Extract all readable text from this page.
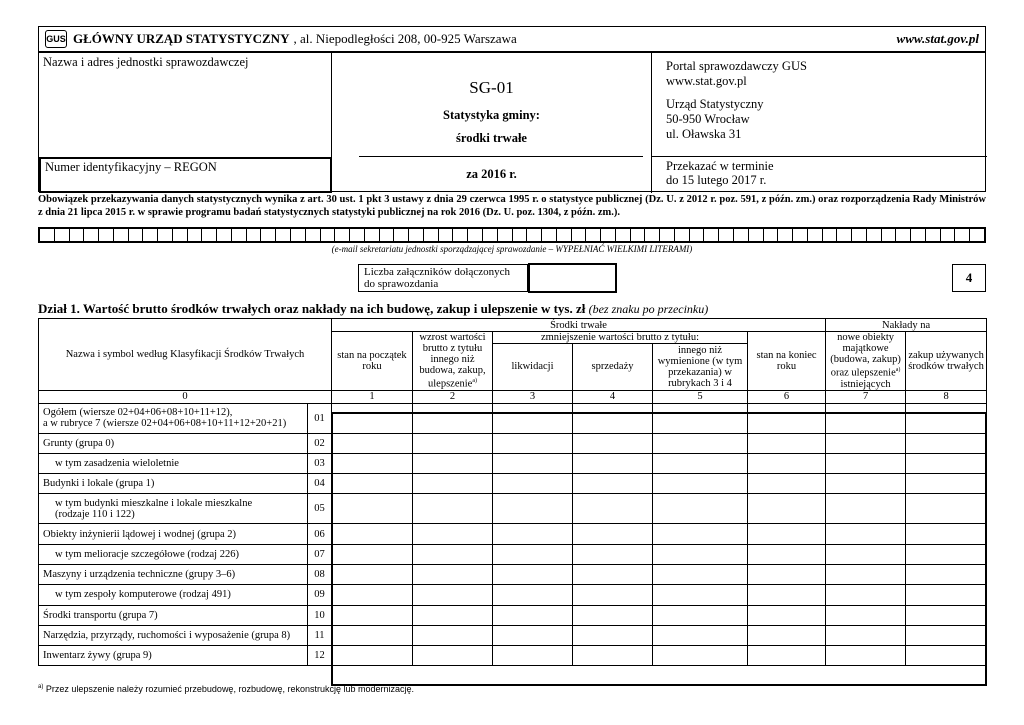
GUS GŁÓWNY URZĄD STATYSTYCZNY , al. Niepodległości 208, 00-925 Warszawa	www.stat.gov.pl
Nazwa i adres jednostki sprawozdawczej
Numer identyfikacyjny – REGON
SG-01
Statystyka gminy:
środki trwałe
za 2016 r.
Portal sprawozdawczy GUS
www.stat.gov.pl
Urząd Statystyczny
50-950 Wrocław
ul. Oławska 31
Przekazać w terminie
do 15 lutego 2017 r.
Obowiązek przekazywania danych statystycznych wynika z art. 30 ust. 1 pkt 3 ustawy z dnia 29 czerwca 1995 r. o statystyce publicznej (Dz. U. z 2012 r. poz. 591, z późn. zm.) oraz rozporządzenia Rady Ministrów z dnia 21 lipca 2015 r. w sprawie programu badań statystycznych statystyki publicznej na rok 2016 (Dz. U. poz. 1304, z późn. zm.).
(e-mail sekretariatu jednostki sporządzającej sprawozdanie – WYPEŁNIAĆ WIELKIMI LITERAMI)
Liczba załączników dołączonych do sprawozdania	4
Dział 1. Wartość brutto środków trwałych oraz nakłady na ich budowę, zakup i ulepszenie w tys. zł (bez znaku po przecinku)
Nazwa i symbol według Klasyfikacji Środków Trwałych		Środki trwałe						Nakłady na	
		stan na początek roku	wzrost wartości brutto z tytułu innego niż budowa, zakup, ulepszenie$^{a)}$	zmniejszenie wartości brutto z tytułu:			stan na koniec roku	nowe obiekty majątkowe (budowa, zakup) oraz ulepszenie$^{a)}$ istniejących	zakup używanych środków trwałych
				likwidacji	sprzedaży	innego niż wymienione (w tym przekazania) w rubrykach 3 i 4			
0		1	2	3	4	5	6	7	8

Ogółem (wiersze 02+04+06+08+10+11+12),
a w rubryce 7 (wiersze 02+04+06+08+10+11+12+20+21)	01								
Grunty (grupa 0)	02								
w tym zasadzenia wieloletnie	03								
Budynki i lokale (grupa 1)	04								

w tym budynki mieszkalne i lokale mieszkalne
(rodzaje 110 i 122)	05								
Obiekty inżynierii lądowej i wodnej (grupa 2)	06								
w tym melioracje szczegółowe (rodzaj 226)	07								
Maszyny i urządzenia techniczne (grupy 3–6)	08								
w tym zespoły komputerowe (rodzaj 491)	09								
Środki transportu (grupa 7)	10								
Narzędzia, przyrządy, ruchomości i wyposażenie (grupa 8)	11								
Inwentarz żywy (grupa 9)	12								
$^{a)}$ Przez ulepszenie należy rozumieć przebudowę, rozbudowę, rekonstrukcję lub modernizację.
